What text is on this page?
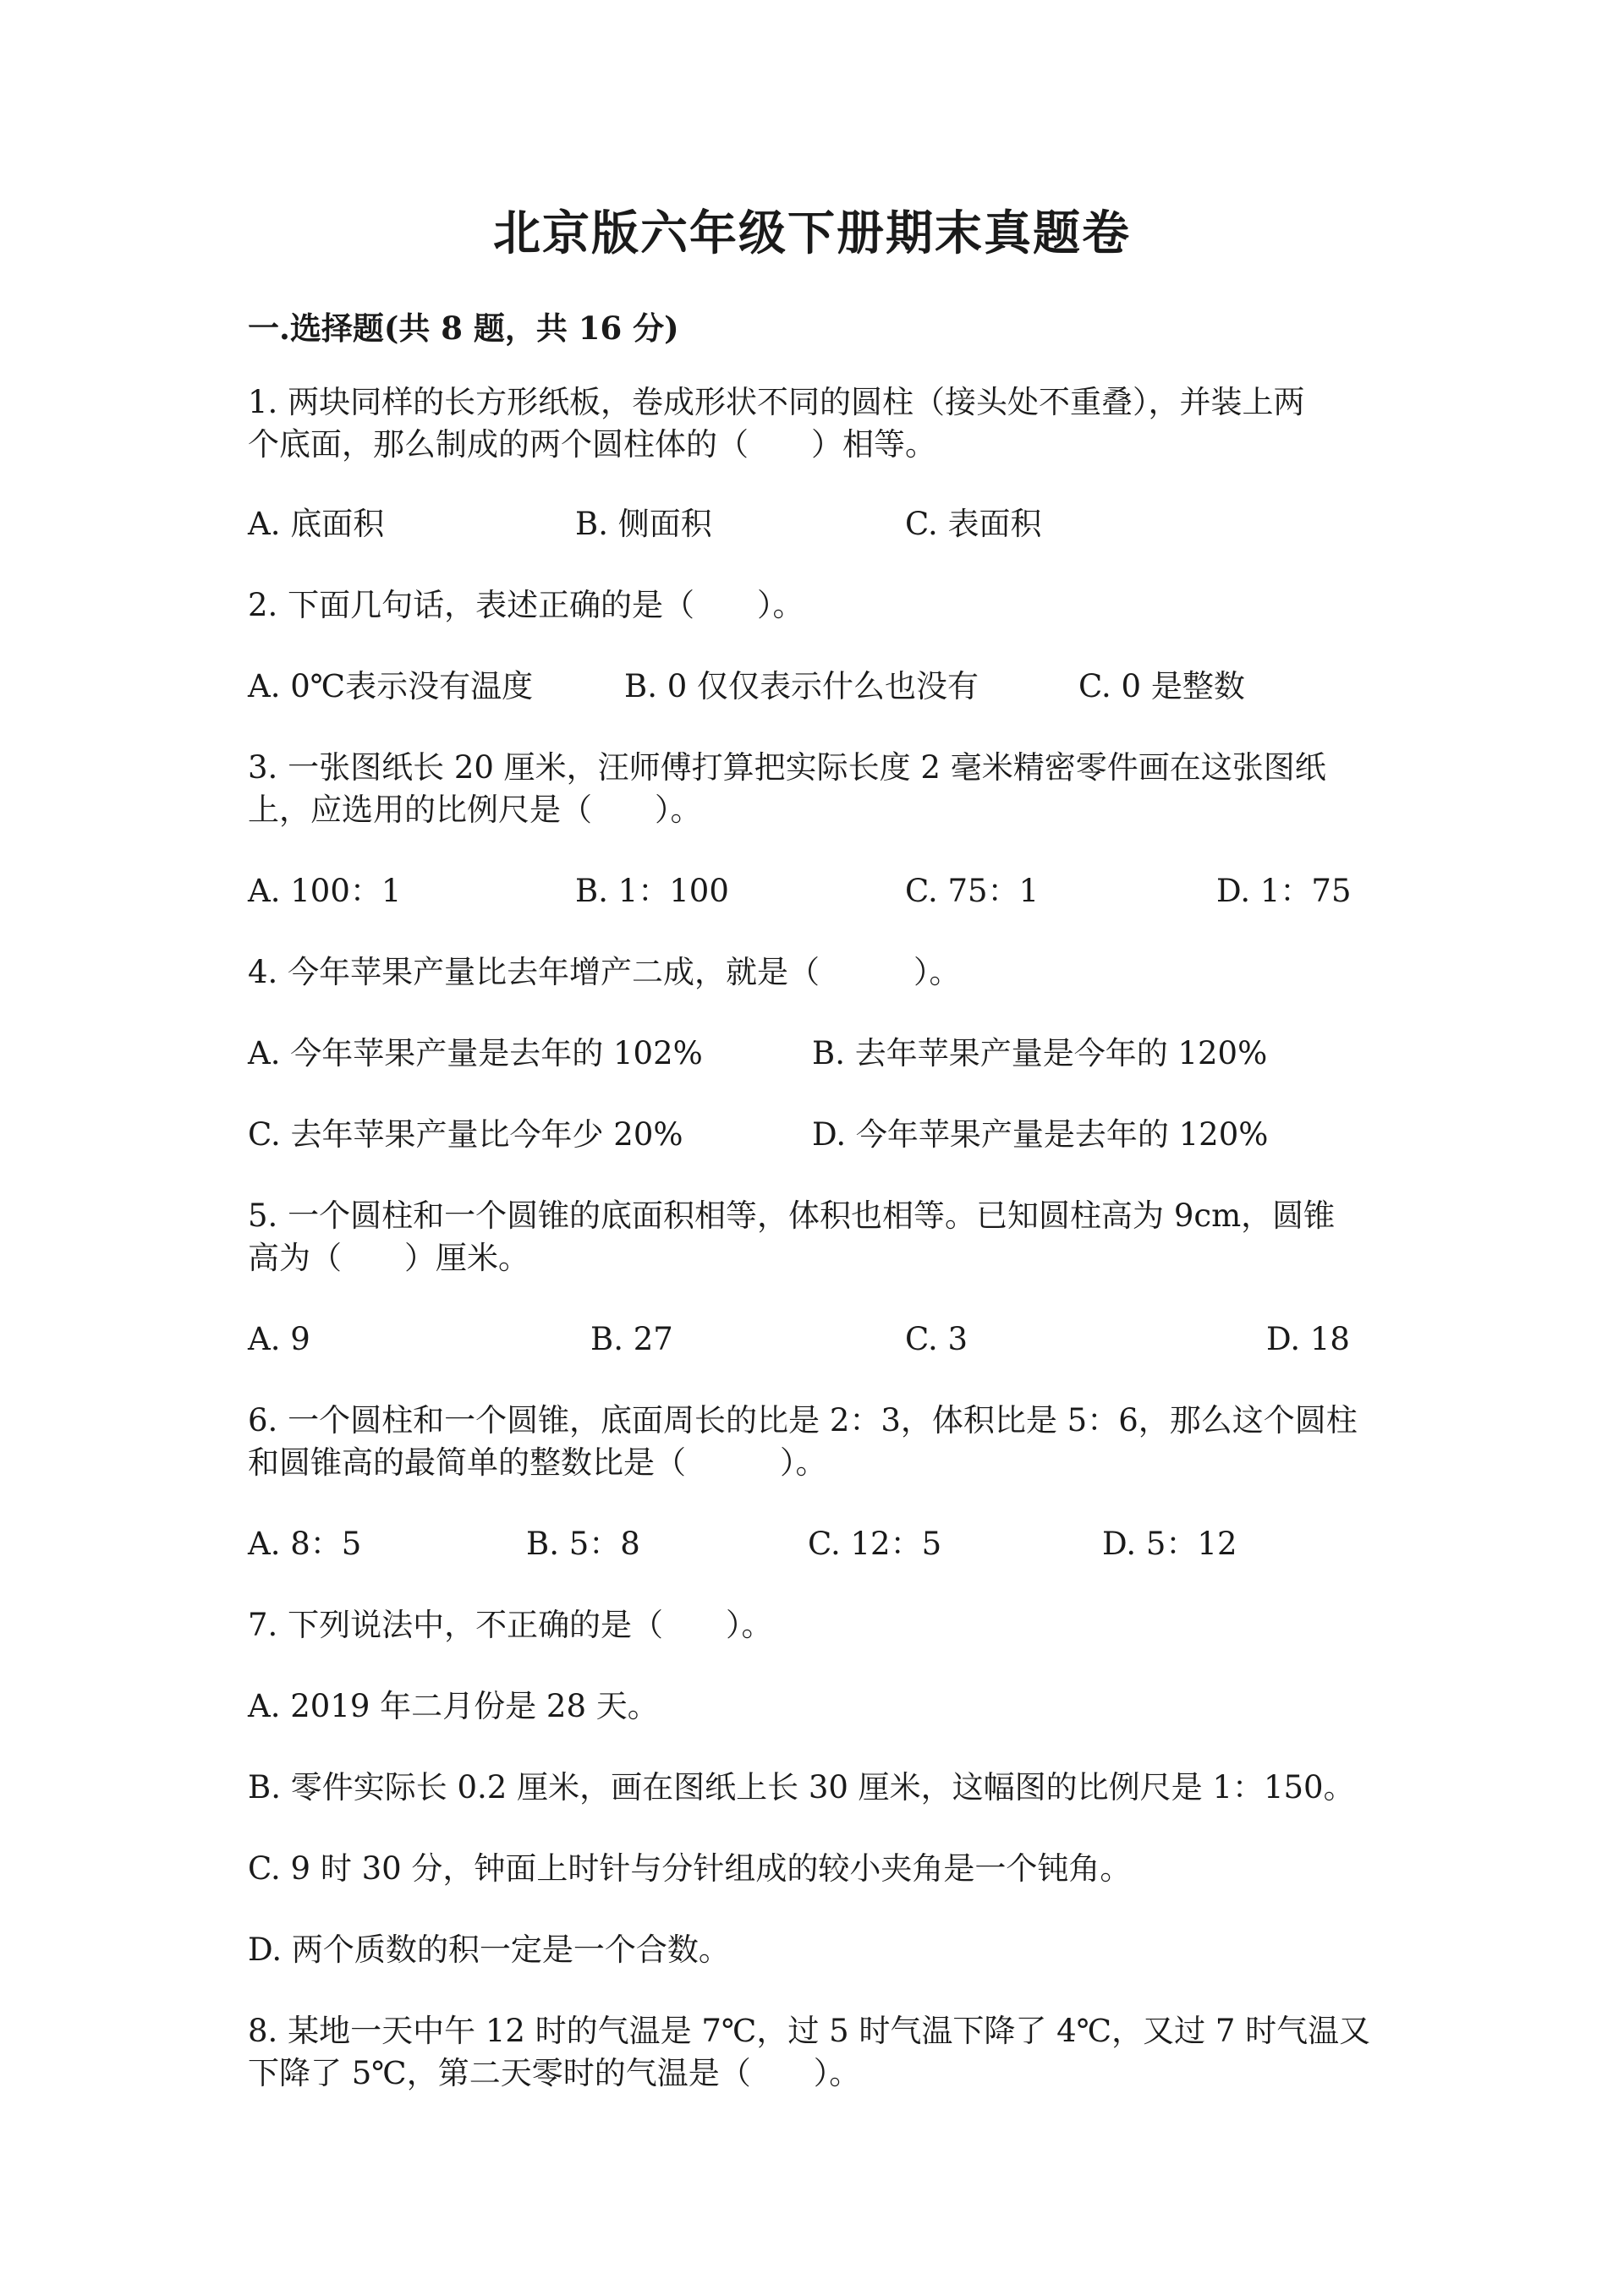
北京版六年级下册期末真题卷
一.选择题(共 8 题，共 16 分)
1. 两块同样的长方形纸板，卷成形状不同的圆柱（接头处不重叠），并装上两
个底面，那么制成的两个圆柱体的（　　）相等。
A. 底面积	B. 侧面积	C. 表面积
2. 下面几句话，表述正确的是（　　）。
A. 0℃表示没有温度	B. 0 仅仅表示什么也没有	C. 0 是整数
3. 一张图纸长 20 厘米，汪师傅打算把实际长度 2 毫米精密零件画在这张图纸
上，应选用的比例尺是（　　）。
A. 100：1	B. 1：100	C. 75：1	D. 1：75
4. 今年苹果产量比去年增产二成，就是（　　　）。
A. 今年苹果产量是去年的 102%	B. 去年苹果产量是今年的 120%
C. 去年苹果产量比今年少 20%	D. 今年苹果产量是去年的 120%
5. 一个圆柱和一个圆锥的底面积相等，体积也相等。已知圆柱高为 9cm，圆锥
高为（　　）厘米。
A. 9	B. 27	C. 3	D. 18
6. 一个圆柱和一个圆锥，底面周长的比是 2：3，体积比是 5：6，那么这个圆柱
和圆锥高的最简单的整数比是（　　　）。
A. 8：5	B. 5：8	C. 12：5	D. 5：12
7. 下列说法中，不正确的是（　　）。
A. 2019 年二月份是 28 天。
B. 零件实际长 0.2 厘米，画在图纸上长 30 厘米，这幅图的比例尺是 1：150。
C. 9 时 30 分，钟面上时针与分针组成的较小夹角是一个钝角。
D. 两个质数的积一定是一个合数。
8. 某地一天中午 12 时的气温是 7℃，过 5 时气温下降了 4℃，又过 7 时气温又
下降了 5℃，第二天零时的气温是（　　）。
